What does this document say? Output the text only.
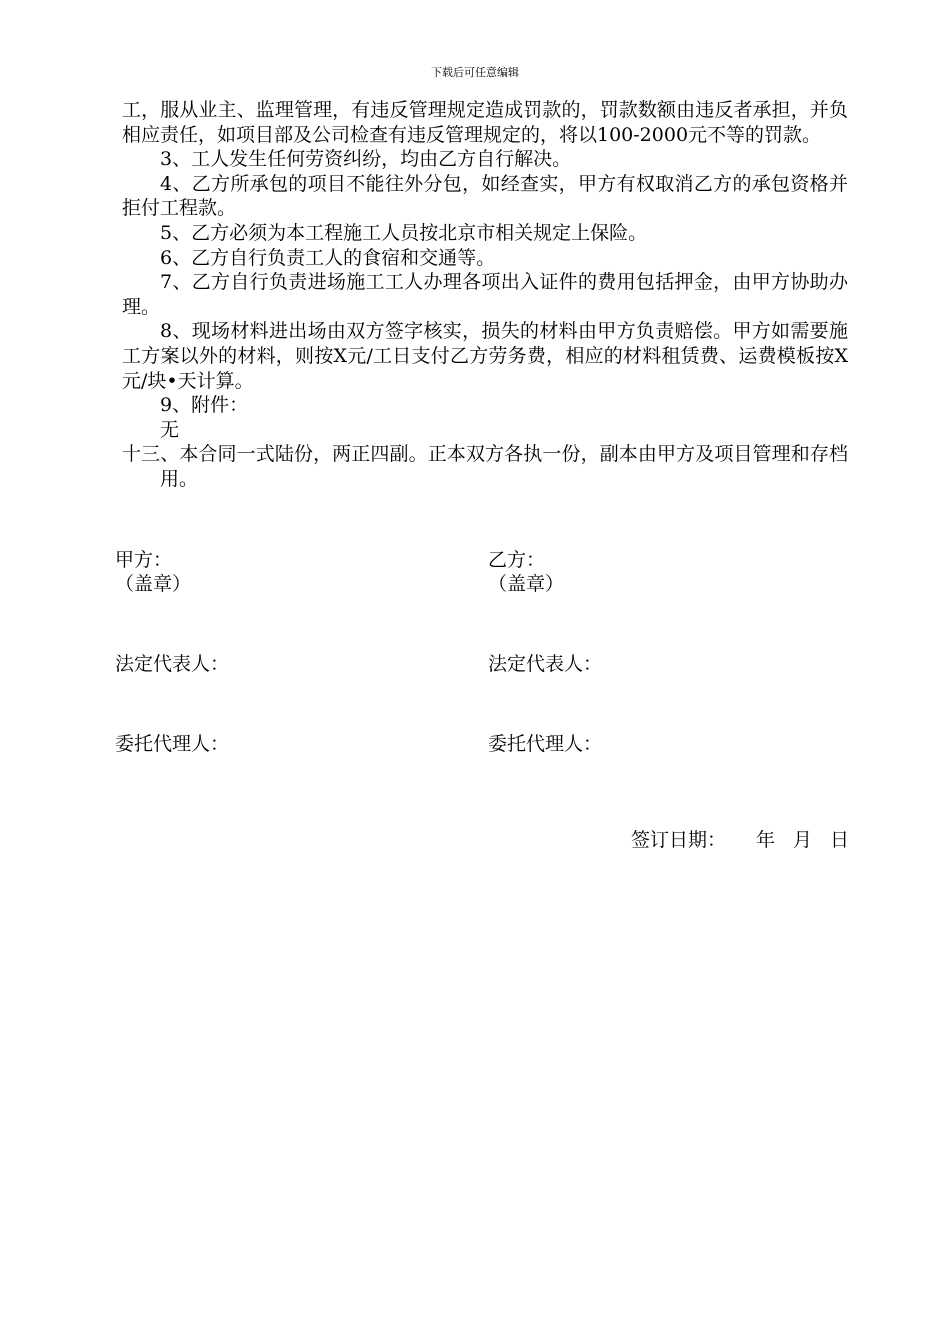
下载后可任意编辑

工，服从业主、监理管理，有违反管理规定造成罚款的，罚款数额由违反者承担，并负相应责任，如项目部及公司检查有违反管理规定的，将以100-2000元不等的罚款。

3、工人发生任何劳资纠纷，均由乙方自行解决。

4、乙方所承包的项目不能往外分包，如经查实，甲方有权取消乙方的承包资格并拒付工程款。

5、乙方必须为本工程施工人员按北京市相关规定上保险。

6、乙方自行负责工人的食宿和交通等。

7、乙方自行负责进场施工工人办理各项出入证件的费用包括押金，由甲方协助办理。

8、现场材料进出场由双方签字核实，损失的材料由甲方负责赔偿。甲方如需要施工方案以外的材料，则按X元/工日支付乙方劳务费，相应的材料租赁费、运费模板按X元/块•天计算。

9、附件：

无

十三、本合同一式陆份，两正四副。正本双方各执一份，副本由甲方及项目管理和存档用。

甲方：
（盖章）
乙方：
（盖章）
法定代表人：	法定代表人：
委托代理人：	委托代理人：
签订日期： 年 月 日
